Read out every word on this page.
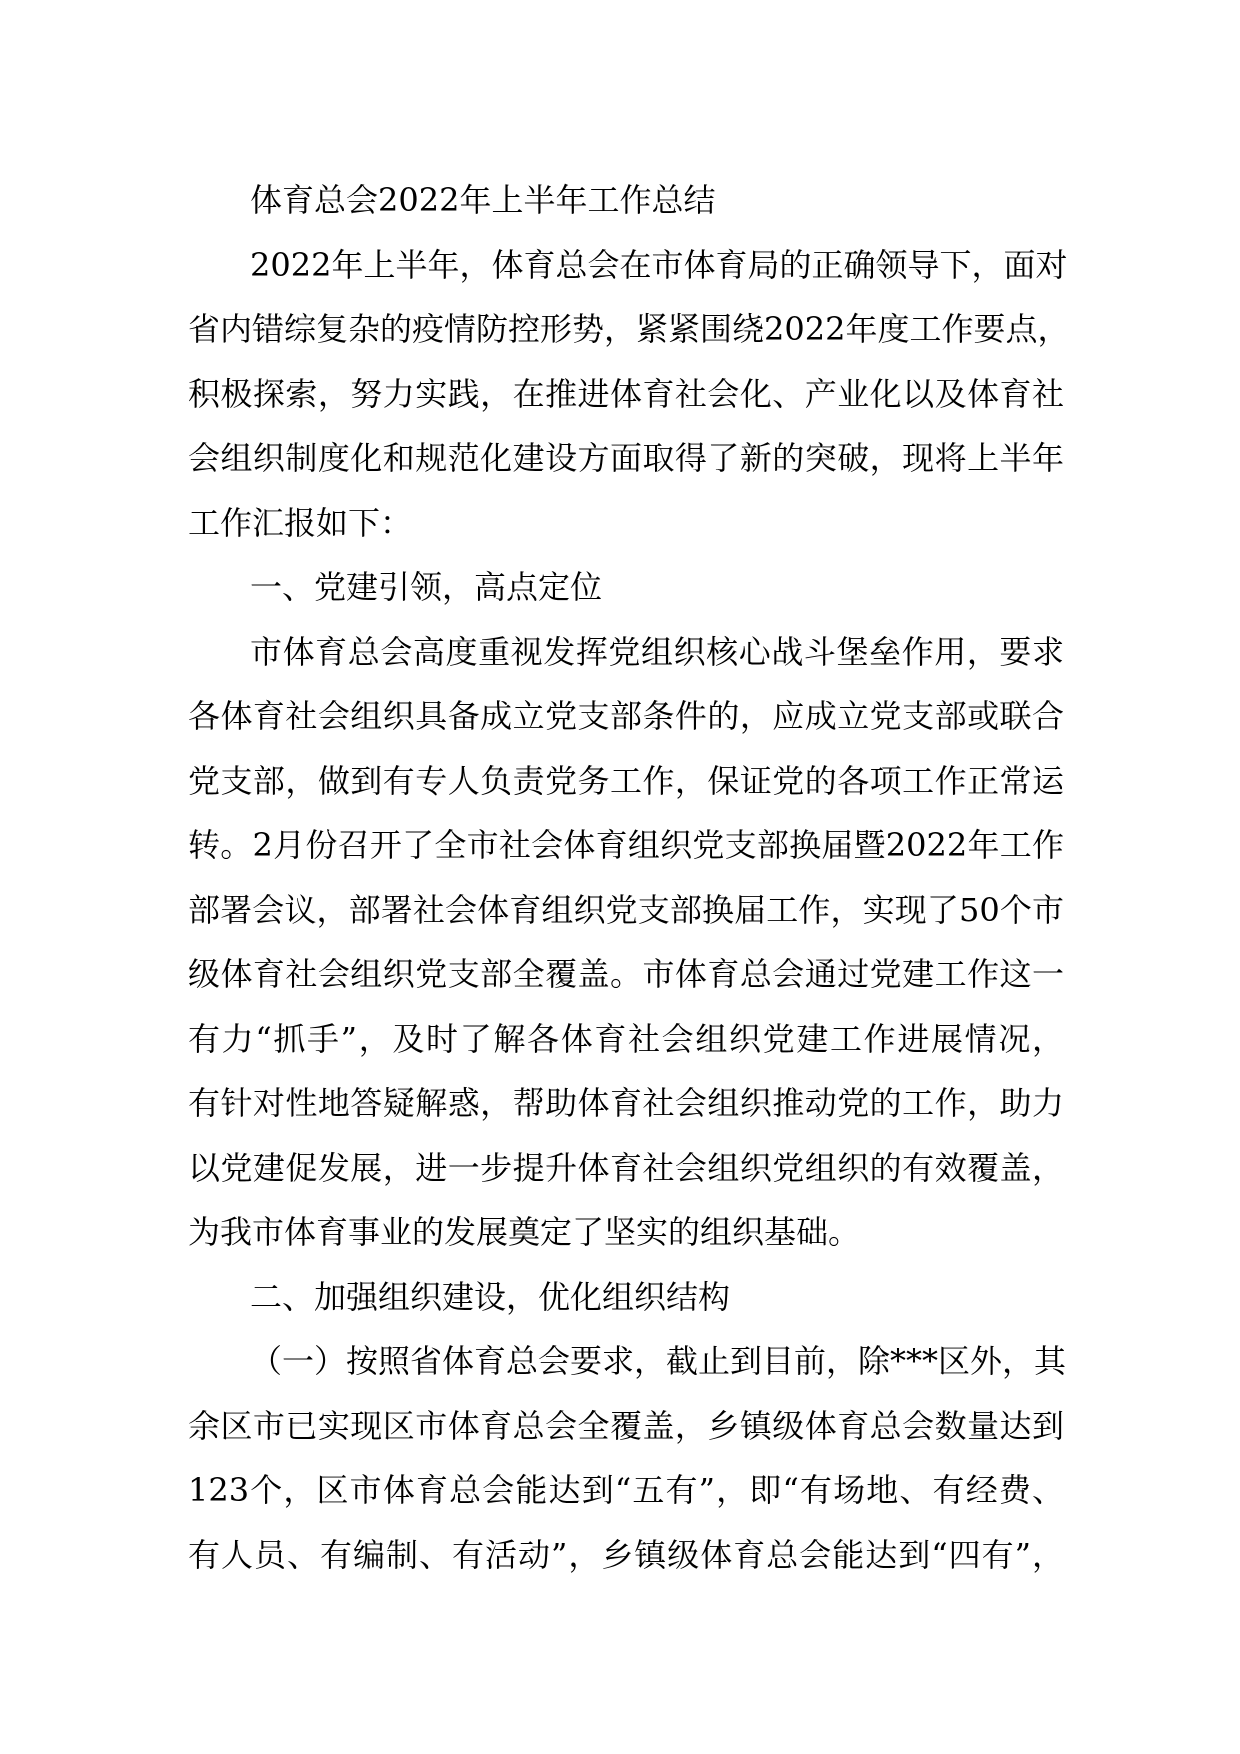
体育总会2022年上半年工作总结
2022年上半年，体育总会在市体育局的正确领导下，面对
省内错综复杂的疫情防控形势，紧紧围绕2022年度工作要点，
积极探索，努力实践，在推进体育社会化、产业化以及体育社
会组织制度化和规范化建设方面取得了新的突破，现将上半年
工作汇报如下：
一、党建引领，高点定位
市体育总会高度重视发挥党组织核心战斗堡垒作用，要求
各体育社会组织具备成立党支部条件的，应成立党支部或联合
党支部，做到有专人负责党务工作，保证党的各项工作正常运
转。2月份召开了全市社会体育组织党支部换届暨2022年工作
部署会议，部署社会体育组织党支部换届工作，实现了50个市
级体育社会组织党支部全覆盖。市体育总会通过党建工作这一
有力“抓手”，及时了解各体育社会组织党建工作进展情况，
有针对性地答疑解惑，帮助体育社会组织推动党的工作，助力
以党建促发展，进一步提升体育社会组织党组织的有效覆盖，
为我市体育事业的发展奠定了坚实的组织基础。
二、加强组织建设，优化组织结构
（一）按照省体育总会要求，截止到目前，除***区外，其
余区市已实现区市体育总会全覆盖，乡镇级体育总会数量达到
123个，区市体育总会能达到“五有”，即“有场地、有经费、
有人员、有编制、有活动”，乡镇级体育总会能达到“四有”，
